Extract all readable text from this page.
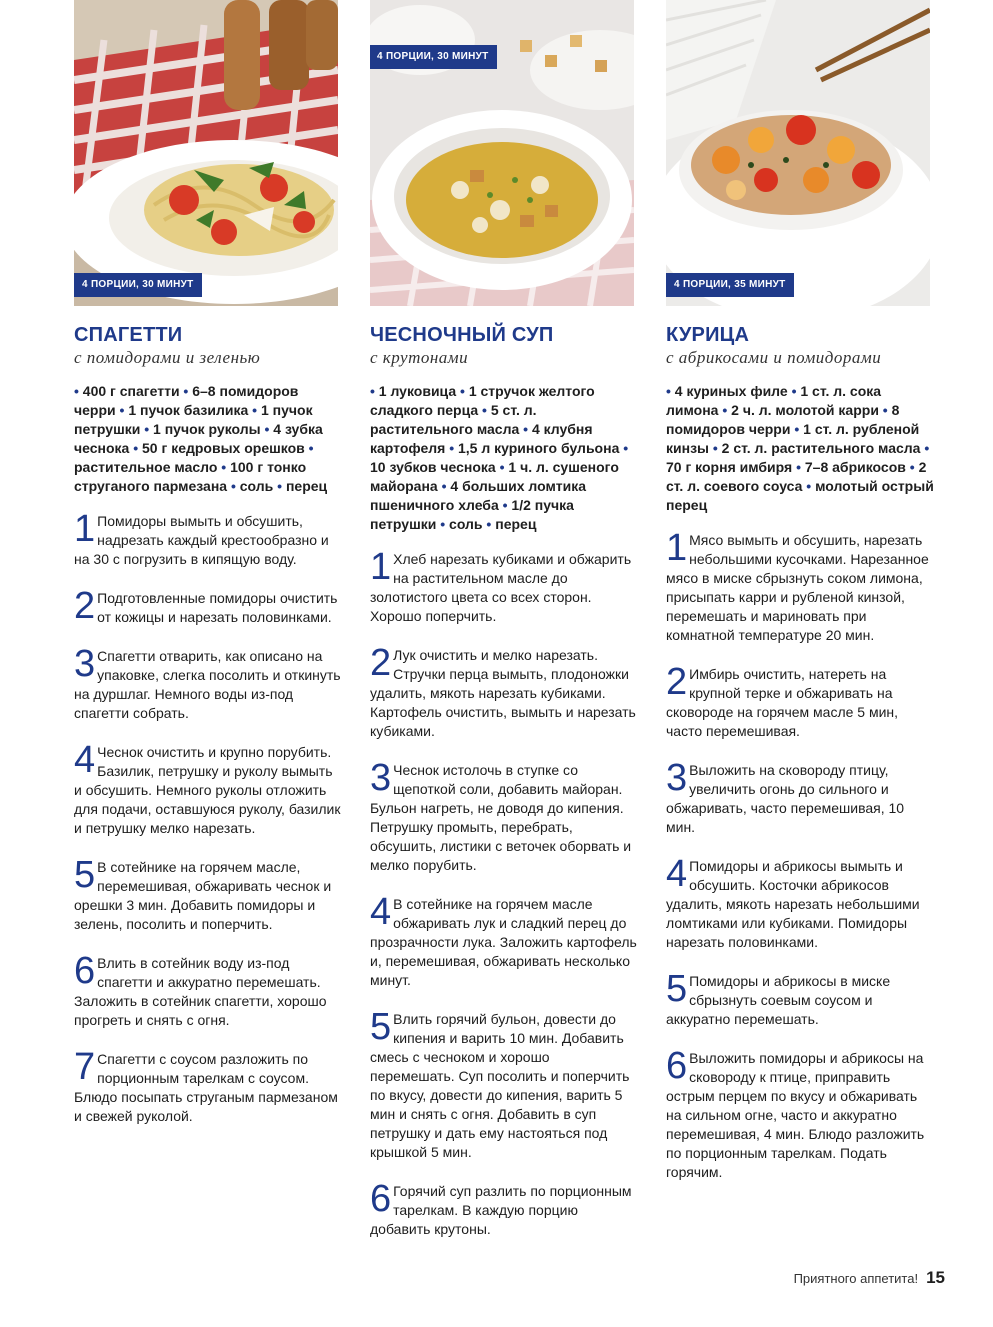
4 ПОРЦИИ, 30 МИНУТ
СПАГЕТТИ

с помидорами и зеленью

• 400 г спагетти • 6–8 помидоров черри • 1 пучок базилика • 1 пучок петрушки • 1 пучок руколы • 4 зубка чеснока • 50 г кедровых орешков • растительное масло • 100 г тонко струганого пармезана • соль • перец
1 Помидоры вымыть и обсушить, надрезать каждый крестообразно и на 30 с погрузить в кипящую воду.
2 Подготовленные помидоры очистить от кожицы и нарезать половинками.
3 Спагетти отварить, как описано на упаковке, слегка посолить и откинуть на дуршлаг. Немного воды из-под спагетти собрать.
4 Чеснок очистить и крупно порубить. Базилик, петрушку и руколу вымыть и обсушить. Немного руколы отложить для подачи, оставшуюся руколу, базилик и петрушку мелко нарезать.
5 В сотейнике на горячем масле, перемешивая, обжаривать чеснок и орешки 3 мин. Добавить помидоры и зелень, посолить и поперчить.
6 Влить в сотейник воду из-под спагетти и аккуратно перемешать. Заложить в сотейник спагетти, хорошо прогреть и снять с огня.
7 Спагетти с соусом разложить по порционным тарелкам с соусом. Блюдо посыпать струганым пармезаном и свежей руколой.
4 ПОРЦИИ, 30 МИНУТ
ЧЕСНОЧНЫЙ СУП

с крутонами

• 1 луковица • 1 стручок желтого сладкого перца • 5 ст. л. растительного масла • 4 клубня картофеля • 1,5 л куриного бульона • 10 зубков чеснока • 1 ч. л. сушеного майорана • 4 больших ломтика пшеничного хлеба • 1/2 пучка петрушки • соль • перец
1 Хлеб нарезать кубиками и обжарить на растительном масле до золотистого цвета со всех сторон. Хорошо поперчить.
2 Лук очистить и мелко нарезать. Стручки перца вымыть, плодоножки удалить, мякоть нарезать кубиками. Картофель очистить, вымыть и нарезать кубиками.
3 Чеснок истолочь в ступке со щепоткой соли, добавить майоран. Бульон нагреть, не доводя до кипения. Петрушку промыть, перебрать, обсушить, листики с веточек оборвать и мелко порубить.
4 В сотейнике на горячем масле обжаривать лук и сладкий перец до прозрачности лука. Заложить картофель и, перемешивая, обжаривать несколько минут.
5 Влить горячий бульон, довести до кипения и варить 10 мин. Добавить смесь с чесноком и хорошо перемешать. Суп посолить и поперчить по вкусу, довести до кипения, варить 5 мин и снять с огня. Добавить в суп петрушку и дать ему настояться под крышкой 5 мин.
6 Горячий суп разлить по порционным тарелкам. В каждую порцию добавить крутоны.
4 ПОРЦИИ, 35 МИНУТ
КУРИЦА

с абрикосами и помидорами

• 4 куриных филе • 1 ст. л. сока лимона • 2 ч. л. молотой карри • 8 помидоров черри • 1 ст. л. рубленой кинзы • 2 ст. л. растительного масла • 70 г корня имбиря • 7–8 абрикосов • 2 ст. л. соевого соуса • молотый острый перец
1 Мясо вымыть и обсушить, нарезать небольшими кусочками. Нарезанное мясо в миске сбрызнуть соком лимона, присыпать карри и рубленой кинзой, перемешать и мариновать при комнатной температуре 20 мин.
2 Имбирь очистить, натереть на крупной терке и обжаривать на сковороде на горячем масле 5 мин, часто перемешивая.
3 Выложить на сковороду птицу, увеличить огонь до сильного и обжаривать, часто перемешивая, 10 мин.
4 Помидоры и абрикосы вымыть и обсушить. Косточки абрикосов удалить, мякоть нарезать небольшими ломтиками или кубиками. Помидоры нарезать половинками.
5 Помидоры и абрикосы в миске сбрызнуть соевым соусом и аккуратно перемешать.
6 Выложить помидоры и абрикосы на сковороду к птице, приправить острым перцем по вкусу и обжаривать на сильном огне, часто и аккуратно перемешивая, 4 мин. Блюдо разложить по порционным тарелкам. Подать горячим.
Приятного аппетита! 15
